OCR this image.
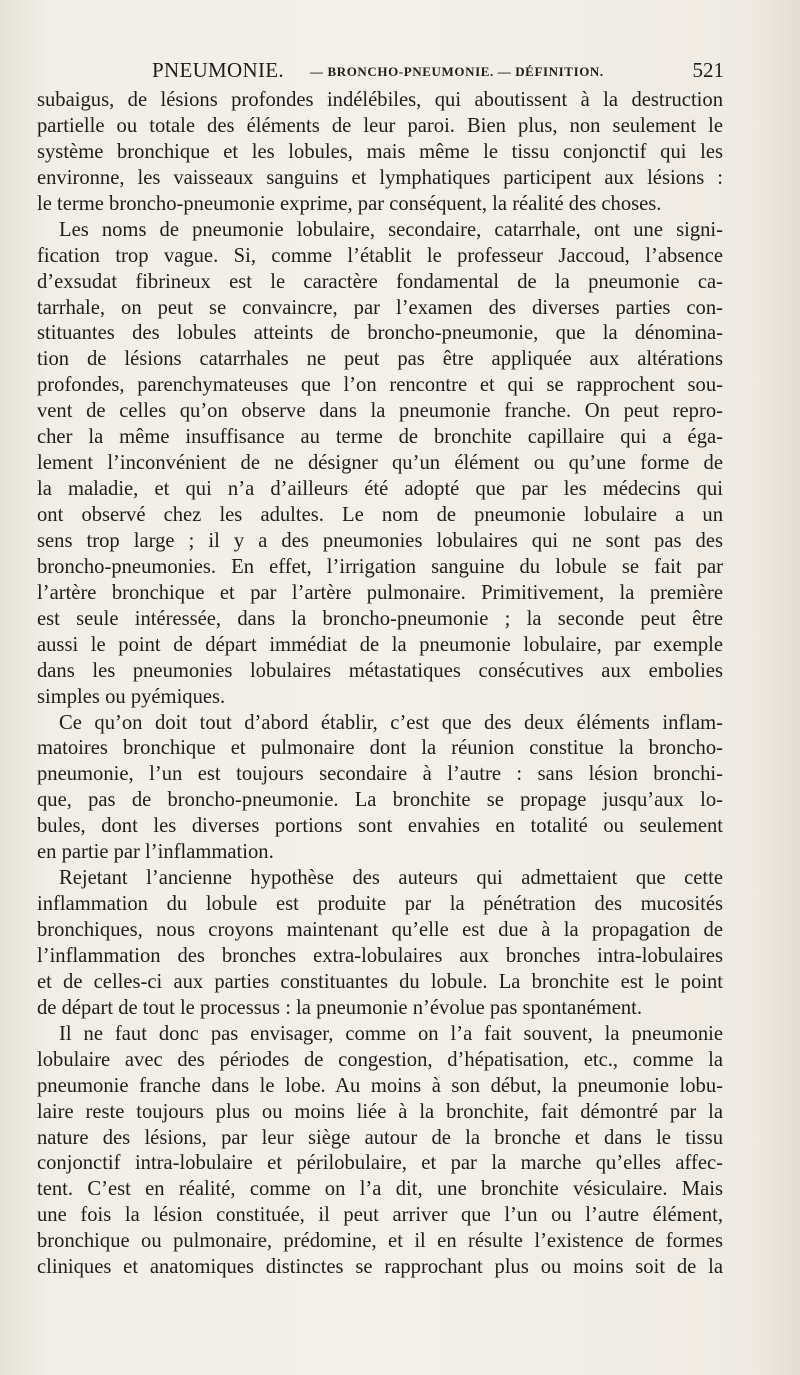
PNEUMONIE. — BRONCHO-PNEUMONIE. — DÉFINITION.	521
subaigus, de lésions profondes indélébiles, qui aboutissent à la destruction
partielle ou totale des éléments de leur paroi. Bien plus, non seulement le
système bronchique et les lobules, mais même le tissu conjonctif qui les
environne, les vaisseaux sanguins et lymphatiques participent aux lésions :
le terme broncho-pneumonie exprime, par conséquent, la réalité des choses.
Les noms de pneumonie lobulaire, secondaire, catarrhale, ont une signi-
fication trop vague. Si, comme l’établit le professeur Jaccoud, l’absence
d’exsudat fibrineux est le caractère fondamental de la pneumonie ca-
tarrhale, on peut se convaincre, par l’examen des diverses parties con-
stituantes des lobules atteints de broncho-pneumonie, que la dénomina-
tion de lésions catarrhales ne peut pas être appliquée aux altérations
profondes, parenchymateuses que l’on rencontre et qui se rapprochent sou-
vent de celles qu’on observe dans la pneumonie franche. On peut repro-
cher la même insuffisance au terme de bronchite capillaire qui a éga-
lement l’inconvénient de ne désigner qu’un élément ou qu’une forme de
la maladie, et qui n’a d’ailleurs été adopté que par les médecins qui
ont observé chez les adultes. Le nom de pneumonie lobulaire a un
sens trop large ; il y a des pneumonies lobulaires qui ne sont pas des
broncho-pneumonies. En effet, l’irrigation sanguine du lobule se fait par
l’artère bronchique et par l’artère pulmonaire. Primitivement, la première
est seule intéressée, dans la broncho-pneumonie ; la seconde peut être
aussi le point de départ immédiat de la pneumonie lobulaire, par exemple
dans les pneumonies lobulaires métastatiques consécutives aux embolies
simples ou pyémiques.
Ce qu’on doit tout d’abord établir, c’est que des deux éléments inflam-
matoires bronchique et pulmonaire dont la réunion constitue la broncho-
pneumonie, l’un est toujours secondaire à l’autre : sans lésion bronchi-
que, pas de broncho-pneumonie. La bronchite se propage jusqu’aux lo-
bules, dont les diverses portions sont envahies en totalité ou seulement
en partie par l’inflammation.
Rejetant l’ancienne hypothèse des auteurs qui admettaient que cette
inflammation du lobule est produite par la pénétration des mucosités
bronchiques, nous croyons maintenant qu’elle est due à la propagation de
l’inflammation des bronches extra-lobulaires aux bronches intra-lobulaires
et de celles-ci aux parties constituantes du lobule. La bronchite est le point
de départ de tout le processus : la pneumonie n’évolue pas spontanément.
Il ne faut donc pas envisager, comme on l’a fait souvent, la pneumonie
lobulaire avec des périodes de congestion, d’hépatisation, etc., comme la
pneumonie franche dans le lobe. Au moins à son début, la pneumonie lobu-
laire reste toujours plus ou moins liée à la bronchite, fait démontré par la
nature des lésions, par leur siège autour de la bronche et dans le tissu
conjonctif intra-lobulaire et périlobulaire, et par la marche qu’elles affec-
tent. C’est en réalité, comme on l’a dit, une bronchite vésiculaire. Mais
une fois la lésion constituée, il peut arriver que l’un ou l’autre élément,
bronchique ou pulmonaire, prédomine, et il en résulte l’existence de formes
cliniques et anatomiques distinctes se rapprochant plus ou moins soit de la
